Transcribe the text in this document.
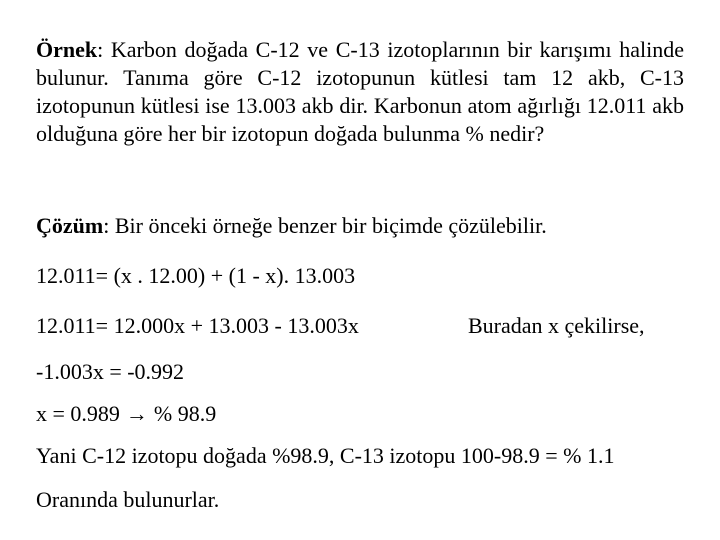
Örnek: Karbon doğada C-12 ve C-13 izotoplarının bir karışımı halinde bulunur. Tanıma göre C-12 izotopunun kütlesi tam 12 akb, C-13 izotopunun kütlesi ise 13.003 akb dir. Karbonun atom ağırlığı 12.011 akb olduğuna göre her bir izotopun doğada bulunma % nedir?

Çözüm: Bir önceki örneğe benzer bir biçimde çözülebilir.

12.011= (x . 12.00) + (1 - x). 13.003

12.011= 12.000x + 13.003 - 13.003x	Buradan x çekilirse,

-1.003x = -0.992

x = 0.989 → % 98.9

Yani C-12 izotopu doğada %98.9, C-13 izotopu 100-98.9 = % 1.1

Oranında bulunurlar.
